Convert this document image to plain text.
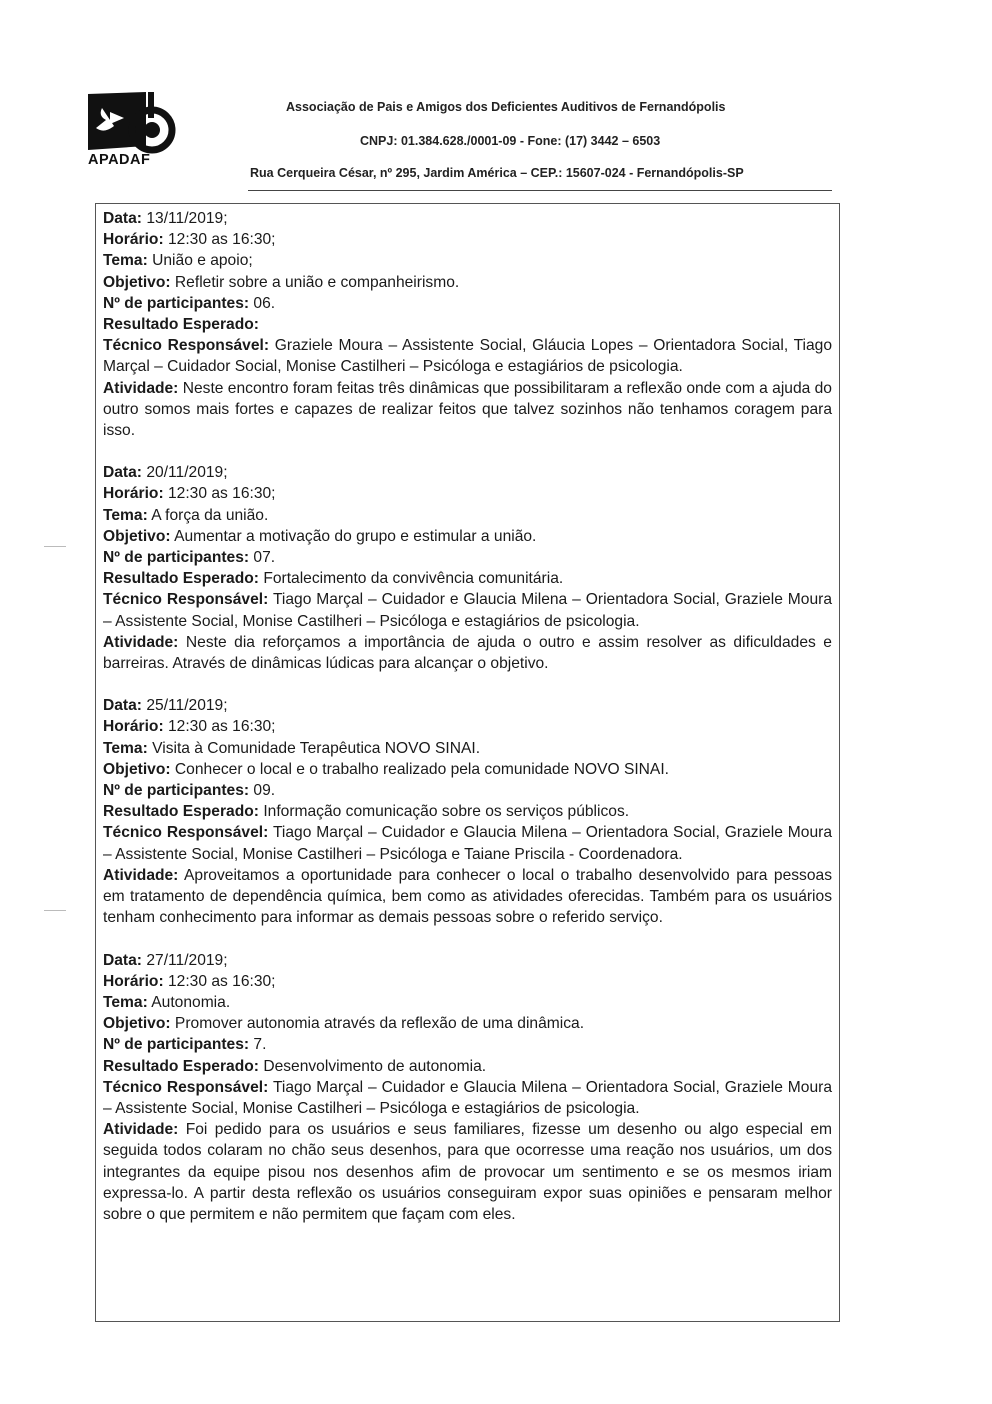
APADAF
Associação de Pais e Amigos dos Deficientes Auditivos de Fernandópolis
CNPJ: 01.384.628./0001-09 - Fone: (17) 3442 – 6503
Rua Cerqueira César, nº 295, Jardim América – CEP.: 15607-024 - Fernandópolis-SP

Data: 13/11/2019;

Horário: 12:30 as 16:30;

Tema: União e apoio;

Objetivo: Refletir sobre a união e companheirismo.

Nº de participantes: 06.

Resultado Esperado:

Técnico Responsável: Graziele Moura – Assistente Social, Gláucia Lopes – Orientadora Social, Tiago Marçal – Cuidador Social, Monise Castilheri – Psicóloga e estagiários de psicologia.

Atividade: Neste encontro foram feitas três dinâmicas que possibilitaram a reflexão onde com a ajuda do outro somos mais fortes e capazes de realizar feitos que talvez sozinhos não tenhamos coragem para isso.

Data: 20/11/2019;

Horário: 12:30 as 16:30;

Tema: A força da união.

Objetivo: Aumentar a motivação do grupo e estimular a união.

Nº de participantes: 07.

Resultado Esperado: Fortalecimento da convivência comunitária.

Técnico Responsável: Tiago Marçal – Cuidador e Glaucia Milena – Orientadora Social, Graziele Moura – Assistente Social, Monise Castilheri – Psicóloga e estagiários de psicologia.

Atividade: Neste dia reforçamos a importância de ajuda o outro e assim resolver as dificuldades e barreiras. Através de dinâmicas lúdicas para alcançar o objetivo.

Data: 25/11/2019;

Horário: 12:30 as 16:30;

Tema: Visita à Comunidade Terapêutica NOVO SINAI.

Objetivo: Conhecer o local e o trabalho realizado pela comunidade NOVO SINAI.

Nº de participantes: 09.

Resultado Esperado: Informação comunicação sobre os serviços públicos.

Técnico Responsável: Tiago Marçal – Cuidador e Glaucia Milena – Orientadora Social, Graziele Moura – Assistente Social, Monise Castilheri – Psicóloga e Taiane Priscila - Coordenadora.

Atividade: Aproveitamos a oportunidade para conhecer o local o trabalho desenvolvido para pessoas em tratamento de dependência química, bem como as atividades oferecidas. Também para os usuários tenham conhecimento para informar as demais pessoas sobre o referido serviço.

Data: 27/11/2019;

Horário: 12:30 as 16:30;

Tema: Autonomia.

Objetivo: Promover autonomia através da reflexão de uma dinâmica.

Nº de participantes: 7.

Resultado Esperado: Desenvolvimento de autonomia.

Técnico Responsável: Tiago Marçal – Cuidador e Glaucia Milena – Orientadora Social, Graziele Moura – Assistente Social, Monise Castilheri – Psicóloga e estagiários de psicologia.

Atividade: Foi pedido para os usuários e seus familiares, fizesse um desenho ou algo especial em seguida todos colaram no chão seus desenhos, para que ocorresse uma reação nos usuários, um dos integrantes da equipe pisou nos desenhos afim de provocar um sentimento e se os mesmos iriam expressa-lo. A partir desta reflexão os usuários conseguiram expor suas opiniões e pensaram melhor sobre o que permitem e não permitem que façam com eles.
